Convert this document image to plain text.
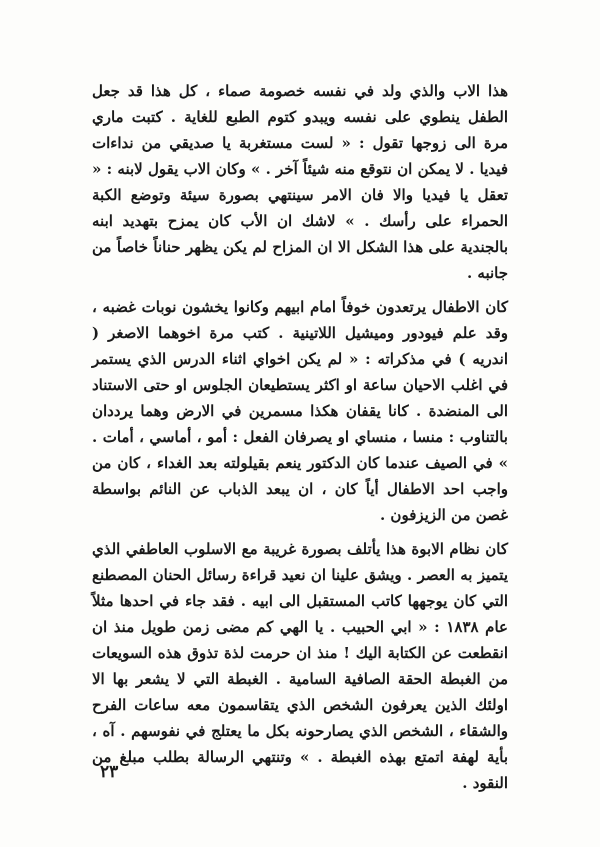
هذا الاب والذي ولد في نفسه خصومة صماء ، كل هذا قد جعل الطفل ينطوي على نفسه ويبدو كتوم الطبع للغاية . كتبت ماري مرة الى زوجها تقول : « لست مستغربة يا صديقي من نداءات فيديا . لا يمكن ان نتوقع منه شيئاً آخر . » وكان الاب يقول لابنه : « تعقل يا فيديا والا فان الامر سينتهي بصورة سيئة وتوضع الكبة الحمراء على رأسك . » لاشك ان الأب كان يمزح بتهديد ابنه بالجندية على هذا الشكل الا ان المزاح لم يكن يظهر حناناً خاصاً من جانبه .

كان الاطفال يرتعدون خوفاً امام ابيهم وكانوا يخشون نوبات غضبه ، وقد علم فيودور وميشيل اللاتينية . كتب مرة اخوهما الاصغر ( اندريه ) في مذكراته : « لم يكن اخواي اثناء الدرس الذي يستمر في اغلب الاحيان ساعة او اكثر يستطيعان الجلوس او حتى الاستناد الى المنضدة . كانا يقفان هكذا مسمرين في الارض وهما يرددان بالتناوب : منسا ، منساي او يصرفان الفعل : أمو ، أماسي ، أمات . » في الصيف عندما كان الدكتور ينعم بقيلولته بعد الغداء ، كان من واجب احد الاطفال أياً كان ، ان يبعد الذباب عن النائم بواسطة غصن من الزيزفون .

كان نظام الابوة هذا يأتلف بصورة غريبة مع الاسلوب العاطفي الذي يتميز به العصر . ويشق علينا ان نعيد قراءة رسائل الحنان المصطنع التي كان يوجهها كاتب المستقبل الى ابيه . فقد جاء في احدها مثلاً عام ١٨٣٨ : « ابي الحبيب . يا الهي كم مضى زمن طويل منذ ان انقطعت عن الكتابة اليك ! منذ ان حرمت لذة تذوق هذه السويعات من الغبطة الحقة الصافية السامية . الغبطة التي لا يشعر بها الا اولئك الذين يعرفون الشخص الذي يتقاسمون معه ساعات الفرح والشقاء ، الشخص الذي يصارحونه بكل ما يعتلج في نفوسهم . آه ، بأية لهفة اتمتع بهذه الغبطة . » وتنتهي الرسالة بطلب مبلغ من النقود .

٢٣
